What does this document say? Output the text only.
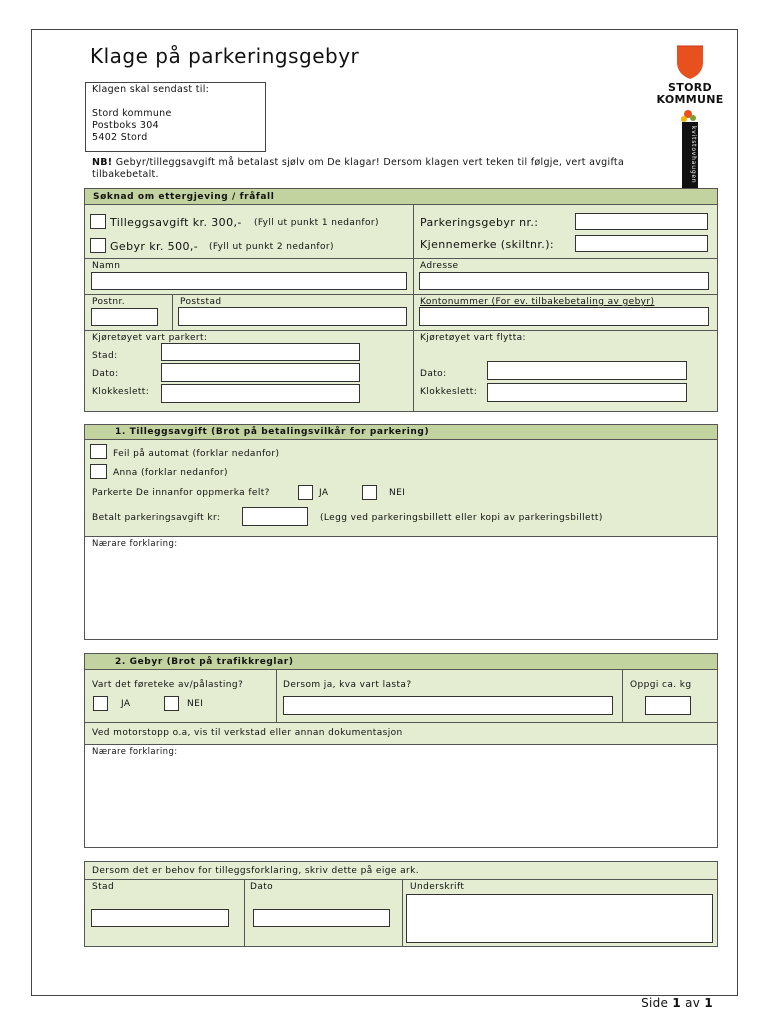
Klage på parkeringsgebyr
Klagen skal sendast til:
Stord kommune
Postboks 304
5402 Stord
NB! Gebyr/tilleggsavgift må betalast sjølv om De klagar! Dersom klagen vert teken til følgje, vert avgifta tilbakebetalt.
STORD
KOMMUNE
kvitstovhaugen
Søknad om ettergjeving / fråfall
Tilleggsavgift kr. 300,- (Fyll ut punkt 1 nedanfor)
Gebyr kr. 500,- (Fyll ut punkt 2 nedanfor)
Parkeringsgebyr nr.:
Kjennemerke (skiltnr.):
Namn	Adresse
Postnr.	Poststad	Kontonummer (For ev. tilbakebetaling av gebyr)
Kjøretøyet vart parkert:
Stad:
Dato:
Klokkeslett:
Kjøretøyet vart flytta:
Dato:
Klokkeslett:
1. Tilleggsavgift (Brot på betalingsvilkår for parkering)
Feil på automat (forklar nedanfor)
Anna (forklar nedanfor)
Parkerte De innanfor oppmerka felt?	JA	NEI
Betalt parkeringsavgift kr:	(Legg ved parkeringsbillett eller kopi av parkeringsbillett)
Nærare forklaring:
2. Gebyr (Brot på trafikkreglar)
Vart det føreteke av/pålasting?
JA	NEI
Dersom ja, kva vart lasta?	Oppgi ca. kg
Ved motorstopp o.a, vis til verkstad eller annan dokumentasjon
Nærare forklaring:
Dersom det er behov for tilleggsforklaring, skriv dette på eige ark.
Stad	Dato	Underskrift
Side 1 av 1
